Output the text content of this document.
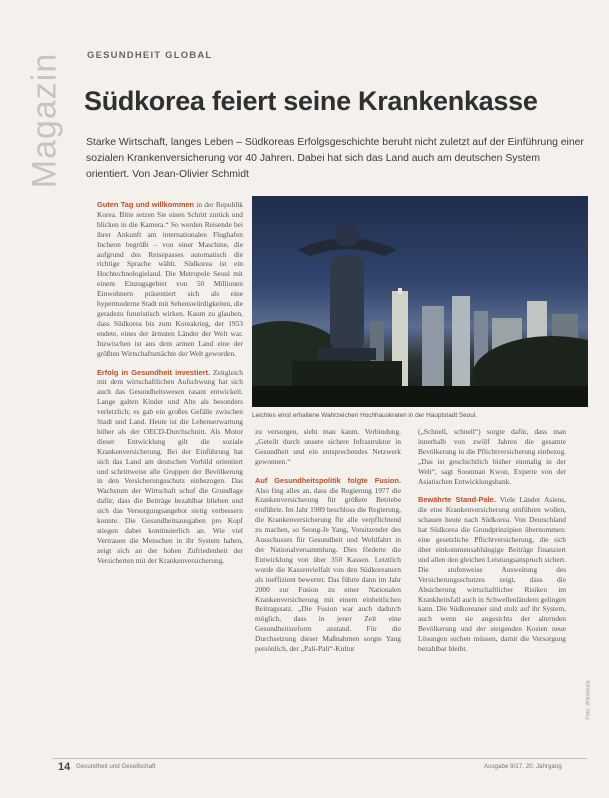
Magazin GESUNDHEIT GLOBAL
Südkorea feiert seine Krankenkasse
Starke Wirtschaft, langes Leben – Südkoreas Erfolgsgeschichte beruht nicht zuletzt auf der Einführung einer sozialen Krankenversicherung vor 40 Jahren. Dabei hat sich das Land auch am deutschen System orientiert. Von Jean-Olivier Schmidt

Guten Tag und willkommen in der Republik Korea. Bitte setzen Sie einen Schritt zurück und blicken in die Kamera.“ So werden Reisende bei ihrer Ankunft am internationalen Flughafen Incheon begrüßt – von einer Maschine, die aufgrund des Reisepasses automatisch die richtige Sprache wählt. Südkorea ist ein Hochtechnologieland. Die Metropole Seoul mit einem Einzugsgebiet von 50 Millionen Einwohnern präsentiert sich als eine hypermoderne Stadt mit Sehenswürdigkeiten, die geradezu futuristisch wirken. Kaum zu glauben, dass Südkorea bis zum Koreakrieg, der 1953 endete, eines der ärmsten Länder der Welt war. Inzwischen ist aus dem armen Land eine der größten Wirtschaftsmächte der Welt geworden.

Erfolg in Gesundheit investiert. Zeitgleich mit dem wirtschaftlichen Aufschwung hat sich auch das Gesundheitswesen rasant entwickelt. Lange galten Kinder und Alte als besonders verletzlich; es gab ein großes Gefälle zwischen Stadt und Land. Heute ist die Lebenserwartung höher als der OECD-Durchschnitt. Als Motor dieser Entwicklung gilt die soziale Krankenversicherung. Bei der Einführung hat sich das Land am deutschen Vorbild orientiert und schrittweise alle Gruppen der Bevölkerung in den Versicherungsschutz einbezogen. Das Wachstum der Wirtschaft schuf die Grundlage dafür, dass die Beiträge bezahlbar blieben und sich das Versorgungsangebot stetig verbessern konnte. Die Gesundheitsausgaben pro Kopf stiegen dabei kontinuierlich an. Wie viel Vertrauen die Menschen in ihr System haben, zeigt sich an der hohen Zufriedenheit der Versicherten mit der Krankenversicherung.

Leichtes einst erhaltene Wahrzeichen Hochhauskraten in der Hauptstadt Seoul.

zu versorgen, sieht man kaum. Verbindung. „Geteilt durch unsere sichere Infrastruktur in Gesundheit und ein entsprechendes Netzwerk gewonnen.“

Auf Gesundheitspolitik folgte Fusion. Also fing alles an, dass die Regierung 1977 die Krankenversicherung für größere Betriebe einführte. Im Jahr 1989 beschloss die Regierung, die Krankenversicherung für alle verpflichtend zu machen, so Seong-Je Yang, Vorsitzender des Ausschusses für Gesundheit und Wohlfahrt in der Nationalversammlung. Dies förderte die Entwicklung von über 350 Kassen. Letztlich wurde die Kassenvielfalt von den Südkoreanern als ineffizient bewertet. Das führte dann im Jahr 2000 zur Fusion zu einer Nationalen Krankenversicherung mit einem einheitlichen Beitragssatz. „Die Fusion war auch dadurch möglich, dass in jener Zeit eine Gesundheitsreform anstand. Für die Durchsetzung dieser Maßnahmen sorgte Yang persönlich, der „Pali-Pali“-Kultur

(„Schnell, schnell“) sorgte dafür, dass man innerhalb von zwölf Jahren die gesamte Bevölkerung in die Pflichtversicherung einbezog. „Das ist geschichtlich bisher einmalig in der Welt“, sagt Soonman Kwon, Experte von der Asiatischen Entwicklungsbank.

Bewährte Stand-Pale. Viele Länder Asiens, die eine Krankenversicherung einführen wollen, schauen heute nach Südkorea. Von Deutschland hat Südkorea die Grundprinzipien übernommen: eine gesetzliche Pflichtversicherung, die sich über einkommensabhängige Beiträge finanziert und allen den gleichen Leistungsanspruch sichert. Die stufenweise Ausweitung des Versicherungsschutzes zeigt, dass die Absicherung wirtschaftlicher Risiken im Krankheitsfall auch in Schwellenländern gelingen kann. Die Südkoreaner sind stolz auf ihr System, auch wenn sie angesichts der alternden Bevölkerung und der steigenden Kosten neue Lösungen suchen müssen, damit die Versorgung bezahlbar bleibt.

14 Gesundheit und Gesellschaft	Ausgabe 9/17, 20. Jahrgang
Foto: Wikimedia
